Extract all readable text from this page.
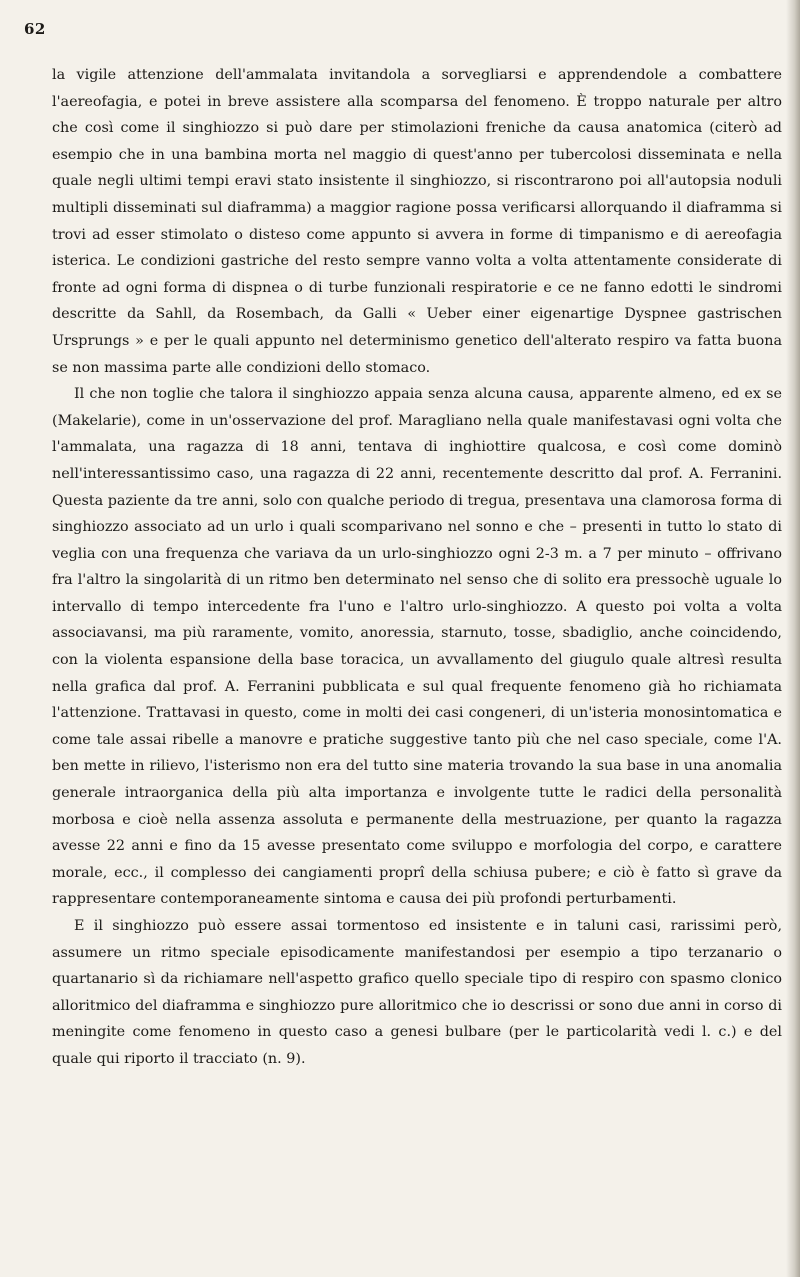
62

la vigile attenzione dell'ammalata invitandola a sorvegliarsi e apprendendole a combattere l'aereofagia, e potei in breve assistere alla scomparsa del fenomeno. È troppo naturale per altro che così come il singhiozzo si può dare per stimolazioni freniche da causa anatomica (citerò ad esempio che in una bambina morta nel maggio di quest'anno per tubercolosi disseminata e nella quale negli ultimi tempi eravi stato insistente il singhiozzo, si riscontrarono poi all'autopsia noduli multipli disseminati sul diaframma) a maggior ragione possa verificarsi allorquando il diaframma si trovi ad esser stimolato o disteso come appunto si avvera in forme di timpanismo e di aereofagia isterica. Le condizioni gastriche del resto sempre vanno volta a volta attentamente considerate di fronte ad ogni forma di dispnea o di turbe funzionali respiratorie e ce ne fanno edotti le sindromi descritte da Sahll, da Rosembach, da Galli « Ueber einer eigenartige Dyspnee gastrischen Ursprungs » e per le quali appunto nel determinismo genetico dell'alterato respiro va fatta buona se non massima parte alle condizioni dello stomaco.

Il che non toglie che talora il singhiozzo appaia senza alcuna causa, apparente almeno, ed ex se (Makelarie), come in un'osservazione del prof. Maragliano nella quale manifestavasi ogni volta che l'ammalata, una ragazza di 18 anni, tentava di inghiottire qualcosa, e così come dominò nell'interessantissimo caso, una ragazza di 22 anni, recentemente descritto dal prof. A. Ferranini. Questa paziente da tre anni, solo con qualche periodo di tregua, presentava una clamorosa forma di singhiozzo associato ad un urlo i quali scomparivano nel sonno e che – presenti in tutto lo stato di veglia con una frequenza che variava da un urlo-singhiozzo ogni 2-3 m. a 7 per minuto – offrivano fra l'altro la singolarità di un ritmo ben determinato nel senso che di solito era pressochè uguale lo intervallo di tempo intercedente fra l'uno e l'altro urlo-singhiozzo. A questo poi volta a volta associavansi, ma più raramente, vomito, anoressia, starnuto, tosse, sbadiglio, anche coincidendo, con la violenta espansione della base toracica, un avvallamento del giugulo quale altresì resulta nella grafica dal prof. A. Ferranini pubblicata e sul qual frequente fenomeno già ho richiamata l'attenzione. Trattavasi in questo, come in molti dei casi congeneri, di un'isteria monosintomatica e come tale assai ribelle a manovre e pratiche suggestive tanto più che nel caso speciale, come l'A. ben mette in rilievo, l'isterismo non era del tutto sine materia trovando la sua base in una anomalia generale intraorganica della più alta importanza e involgente tutte le radici della personalità morbosa e cioè nella assenza assoluta e permanente della mestruazione, per quanto la ragazza avesse 22 anni e fino da 15 avesse presentato come sviluppo e morfologia del corpo, e carattere morale, ecc., il complesso dei cangiamenti proprî della schiusa pubere; e ciò è fatto sì grave da rappresentare contemporaneamente sintoma e causa dei più profondi perturbamenti.

E il singhiozzo può essere assai tormentoso ed insistente e in taluni casi, rarissimi però, assumere un ritmo speciale episodicamente manifestandosi per esempio a tipo terzanario o quartanario sì da richiamare nell'aspetto grafico quello speciale tipo di respiro con spasmo clonico alloritmico del diaframma e singhiozzo pure alloritmico che io descrissi or sono due anni in corso di meningite come fenomeno in questo caso a genesi bulbare (per le particolarità vedi l. c.) e del quale qui riporto il tracciato (n. 9).
